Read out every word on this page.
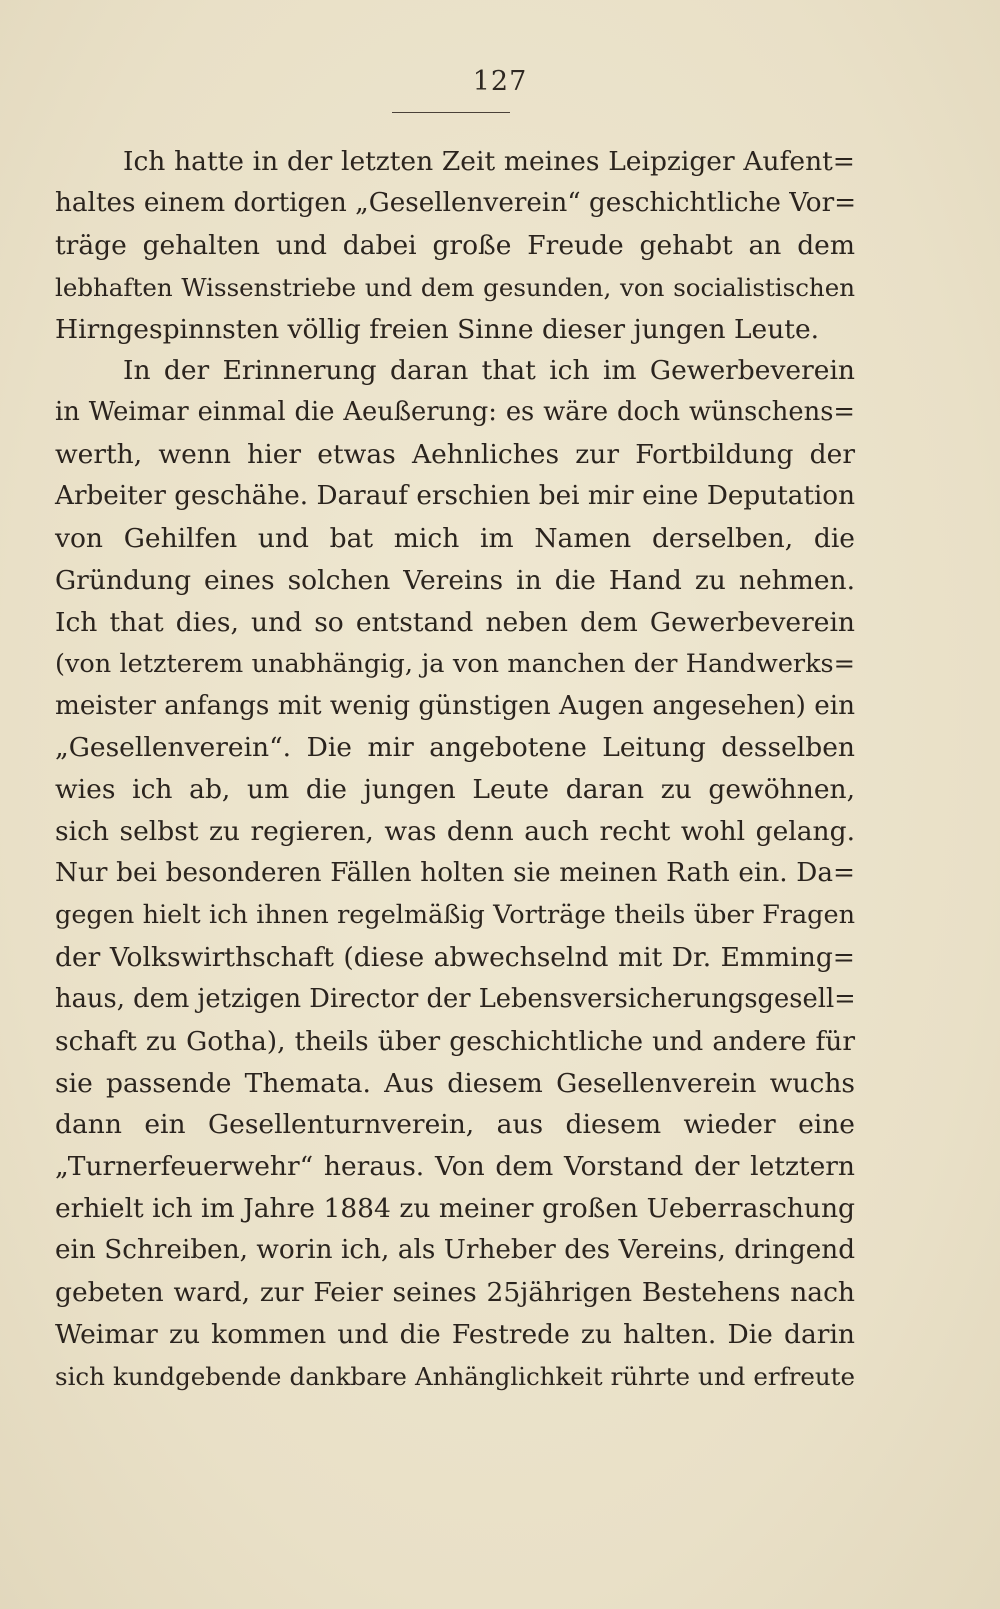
127
Ich hatte in der letzten Zeit meines Leipziger Aufent=
haltes einem dortigen „Gesellenverein“ geschichtliche Vor=
träge gehalten und dabei große Freude gehabt an dem
lebhaften Wissenstriebe und dem gesunden, von socialistischen
Hirngespinnsten völlig freien Sinne dieser jungen Leute.
In der Erinnerung daran that ich im Gewerbeverein
in Weimar einmal die Aeußerung: es wäre doch wünschens=
werth, wenn hier etwas Aehnliches zur Fortbildung der
Arbeiter geschähe. Darauf erschien bei mir eine Deputation
von Gehilfen und bat mich im Namen derselben, die
Gründung eines solchen Vereins in die Hand zu nehmen.
Ich that dies, und so entstand neben dem Gewerbeverein
(von letzterem unabhängig, ja von manchen der Handwerks=
meister anfangs mit wenig günstigen Augen angesehen) ein
„Gesellenverein“. Die mir angebotene Leitung desselben
wies ich ab, um die jungen Leute daran zu gewöhnen,
sich selbst zu regieren, was denn auch recht wohl gelang.
Nur bei besonderen Fällen holten sie meinen Rath ein. Da=
gegen hielt ich ihnen regelmäßig Vorträge theils über Fragen
der Volkswirthschaft (diese abwechselnd mit Dr. Emming=
haus, dem jetzigen Director der Lebensversicherungsgesell=
schaft zu Gotha), theils über geschichtliche und andere für
sie passende Themata. Aus diesem Gesellenverein wuchs
dann ein Gesellenturnverein, aus diesem wieder eine
„Turnerfeuerwehr“ heraus. Von dem Vorstand der letztern
erhielt ich im Jahre 1884 zu meiner großen Ueberraschung
ein Schreiben, worin ich, als Urheber des Vereins, dringend
gebeten ward, zur Feier seines 25jährigen Bestehens nach
Weimar zu kommen und die Festrede zu halten. Die darin
sich kundgebende dankbare Anhänglichkeit rührte und erfreute
